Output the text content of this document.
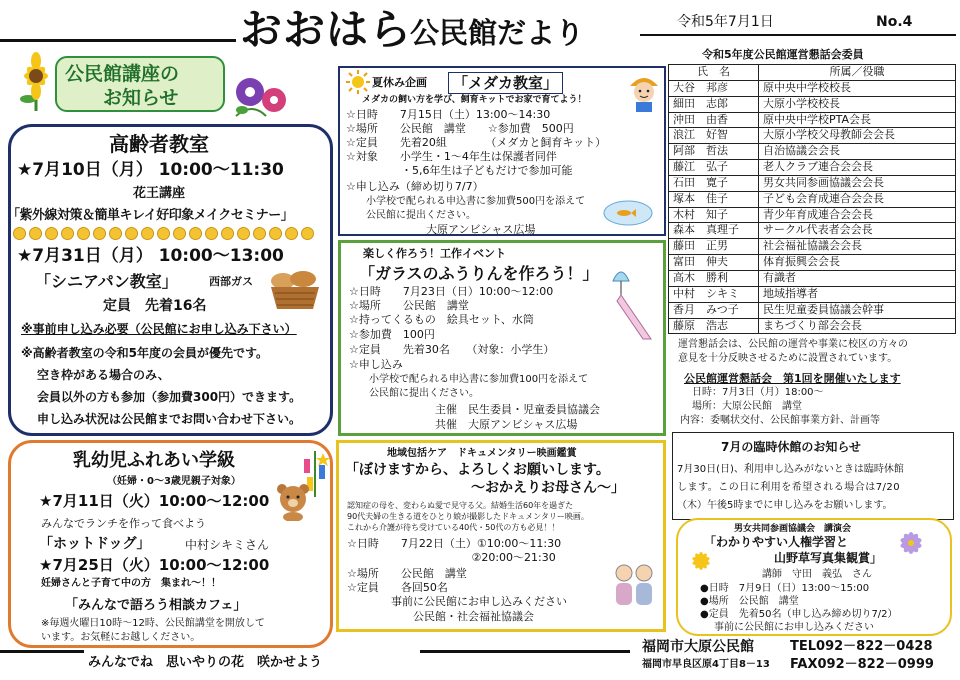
おおはら
公民館だより	令和5年7月1日	No.4
公民館講座の
お知らせ
高齢者教室
★7月10日（月） 10:00～11:30
花王講座
「紫外線対策＆簡単キレイ好印象メイクセミナー」
★7月31日（月） 10:00～13:00
「シニアパン教室」	西部ガス
定員　先着16名
※事前申し込み必要（公民館にお申し込み下さい）
※高齢者教室の令和5年度の会員が優先です。
空き枠がある場合のみ、
会員以外の方も参加（参加費300円）できます。
申し込み状況は公民館までお問い合わせ下さい。
乳幼児ふれあい学級
（妊婦・0～3歳児親子対象）
★7月11日（火）10:00～12:00
みんなでランチを作って食べよう
「ホットドッグ」	中村シキミさん
★7月25日（火）10:00～12:00
妊婦さんと子育て中の方　集まれ～！！
「みんなで語ろう相談カフェ」
※毎週火曜日10時～12時、公民館講堂を開放して
います。お気軽にお越しください。
夏休み企画	「メダカ教室」
メダカの飼い方を学び、飼育キットでお家で育てよう！
☆日時　　7月15日（土）13:00～14:30
☆場所　　公民館　講堂　　☆参加費　500円
☆定員　　先着20組　　　　（メダカと飼育キット）
☆対象　　小学生・1～4年生は保護者同伴
　　　　　・5,6年生は子どもだけで参加可能
☆申し込み（締め切り7/7）
　　小学校で配られる申込書に参加費500円を添えて
　　公民館に提出ください。
大原アンビシャス広場
楽しく作ろう！工作イベント
「ガラスのふうりんを作ろう！」
☆日時　　7月23日（日）10:00～12:00
☆場所　　公民館　講堂
☆持ってくるもの　絵具セット、水筒
☆参加費　100円
☆定員　　先着30名　　（対象：小学生）
☆申し込み
　　小学校で配られる申込書に参加費100円を添えて
　　公民館に提出ください。
主催　民生委員・児童委員協議会
共催　大原アンビシャス広場
地域包括ケア　ドキュメンタリー映画鑑賞
「ぼけますから、よろしくお願いします。
～おかえりお母さん～」
認知症の母を、変わらぬ愛で見守る父。結婚生活60年を過ぎた
90代夫婦の生きる道をひとり娘が撮影したドキュメンタリー映画。
これから介護が待ち受けている40代・50代の方も必見！！
☆日時　　7月22日（土）①10:00～11:30
　　　　　　　　　　　 ②20:00～21:30
☆場所　　公民館　講堂
☆定員　　各回50名
　　　　事前に公民館にお申し込みください
　　　　　　公民館・社会福祉協議会
令和5年度公民館運営懇話会委員
氏　名	所属／役職
大谷　邦彦	原中央中学校校長
細田　志郎	大原小学校校長
沖田　由香	原中央中学校PTA会長
浪江　好智	大原小学校父母教師会会長
阿部　哲法	自治協議会会長
藤江　弘子	老人クラブ連合会会長
石田　寛子	男女共同参画協議会会長
塚本　佳子	子ども会育成連合会会長
木村　知子	青少年育成連合会会長
森本　真理子	サークル代表者会会長
藤田　正男	社会福祉協議会会長
富田　伸夫	体育振興会会長
高木　勝利	有識者
中村　シキミ	地域指導者
香月　みつ子	民生児童委員協議会幹事
藤原　浩志	まちづくり部会会長
運営懇話会は、公民館の運営や事業に校区の方々の
意見を十分反映させるために設置されています。
公民館運営懇話会　第1回を開催いたします
日時：7月3日（月）18:00～
場所：大原公民館　講堂
内容：委嘱状交付、公民館事業方針、計画等
7月の臨時休館のお知らせ
7月30日(日)、利用申し込みがないときは臨時休館
します。この日に利用を希望される場合は7/20
（木）午後5時までに申し込みをお願いします。
男女共同参画協議会　講演会
「わかりやすい人権学習と
山野草写真集観賞」
講師　守田　義弘　さん
●日時　7月9日（日）13:00～15:00
●場所　公民館　講堂
●定員　先着50名（申し込み締め切り7/2）
事前に公民館にお申し込みください
みんなでね　思いやりの花　咲かせよう
福岡市大原公民館	TEL092－822－0428
福岡市早良区原4丁目8－13 FAX092－822－0999
